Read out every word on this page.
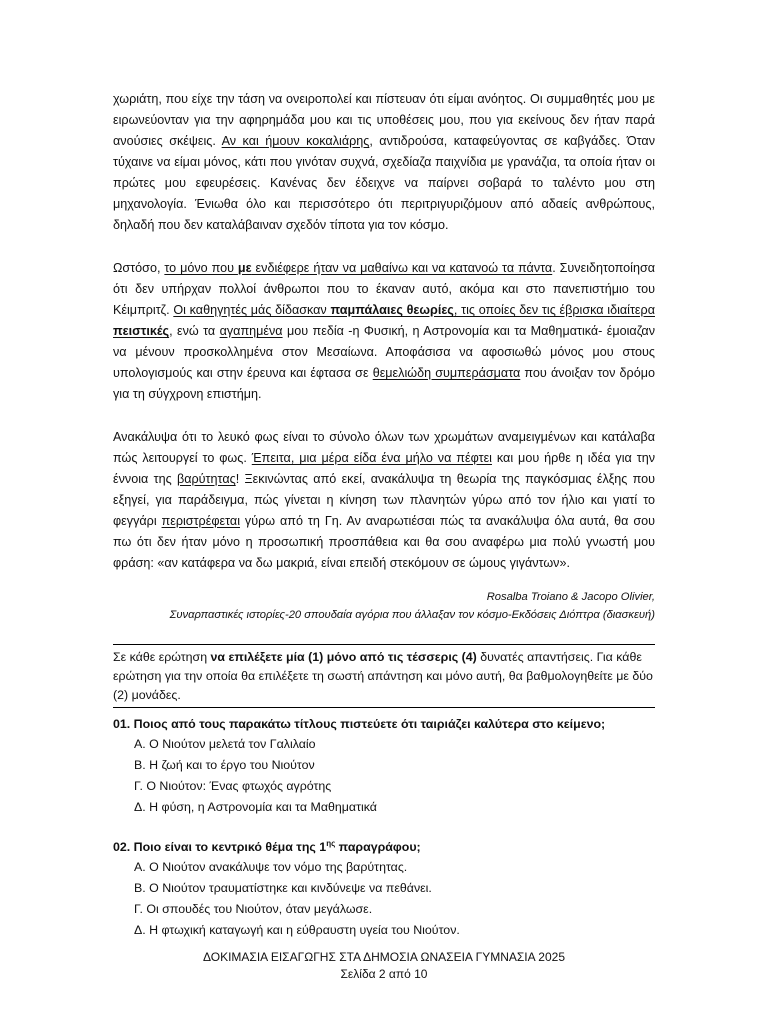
χωριάτη, που είχε την τάση να ονειροπολεί και πίστευαν ότι είμαι ανόητος. Οι συμμαθητές μου με ειρωνεύονταν για την αφηρημάδα μου και τις υποθέσεις μου, που για εκείνους δεν ήταν παρά ανούσιες σκέψεις. Αν και ήμουν κοκαλιάρης, αντιδρούσα, καταφεύγοντας σε καβγάδες. Όταν τύχαινε να είμαι μόνος, κάτι που γινόταν συχνά, σχεδίαζα παιχνίδια με γρανάζια, τα οποία ήταν οι πρώτες μου εφευρέσεις. Κανένας δεν έδειχνε να παίρνει σοβαρά το ταλέντο μου στη μηχανολογία. Ένιωθα όλο και περισσότερο ότι περιτριγυριζόμουν από αδαείς ανθρώπους, δηλαδή που δεν καταλάβαιναν σχεδόν τίποτα για τον κόσμο.

Ωστόσο, το μόνο που με ενδιέφερε ήταν να μαθαίνω και να κατανοώ τα πάντα. Συνειδητοποίησα ότι δεν υπήρχαν πολλοί άνθρωποι που το έκαναν αυτό, ακόμα και στο πανεπιστήμιο του Κέιμπριτζ. Οι καθηγητές μάς δίδασκαν παμπάλαιες θεωρίες, τις οποίες δεν τις έβρισκα ιδιαίτερα πειστικές, ενώ τα αγαπημένα μου πεδία -η Φυσική, η Αστρονομία και τα Μαθηματικά- έμοιαζαν να μένουν προσκολλημένα στον Μεσαίωνα. Αποφάσισα να αφοσιωθώ μόνος μου στους υπολογισμούς και στην έρευνα και έφτασα σε θεμελιώδη συμπεράσματα που άνοιξαν τον δρόμο για τη σύγχρονη επιστήμη.

Ανακάλυψα ότι το λευκό φως είναι το σύνολο όλων των χρωμάτων αναμειγμένων και κατάλαβα πώς λειτουργεί το φως. Έπειτα, μια μέρα είδα ένα μήλο να πέφτει και μου ήρθε η ιδέα για την έννοια της βαρύτητας! Ξεκινώντας από εκεί, ανακάλυψα τη θεωρία της παγκόσμιας έλξης που εξηγεί, για παράδειγμα, πώς γίνεται η κίνηση των πλανητών γύρω από τον ήλιο και γιατί το φεγγάρι περιστρέφεται γύρω από τη Γη. Αν αναρωτιέσαι πώς τα ανακάλυψα όλα αυτά, θα σου πω ότι δεν ήταν μόνο η προσωπική προσπάθεια και θα σου αναφέρω μια πολύ γνωστή μου φράση: «αν κατάφερα να δω μακριά, είναι επειδή στεκόμουν σε ώμους γιγάντων».

Rosalba Troiano & Jacopo Olivier,
Συναρπαστικές ιστορίες-20 σπουδαία αγόρια που άλλαξαν τον κόσμο-Εκδόσεις Διόπτρα (διασκευή)
Σε κάθε ερώτηση να επιλέξετε μία (1) μόνο από τις τέσσερις (4) δυνατές απαντήσεις. Για κάθε ερώτηση για την οποία θα επιλέξετε τη σωστή απάντηση και μόνο αυτή, θα βαθμολογηθείτε με δύο (2) μονάδες.
01. Ποιος από τους παρακάτω τίτλους πιστεύετε ότι ταιριάζει καλύτερα στο κείμενο;
Α. Ο Νιούτον μελετά τον Γαλιλαίο
Β. Η ζωή και το έργο του Νιούτον
Γ. Ο Νιούτον: Ένας φτωχός αγρότης
Δ. Η φύση, η Αστρονομία και τα Μαθηματικά
02. Ποιο είναι το κεντρικό θέμα της $1^{\eta\varsigma}$ παραγράφου;
Α. Ο Νιούτον ανακάλυψε τον νόμο της βαρύτητας.
Β. Ο Νιούτον τραυματίστηκε και κινδύνεψε να πεθάνει.
Γ. Οι σπουδές του Νιούτον, όταν μεγάλωσε.
Δ. Η φτωχική καταγωγή και η εύθραυστη υγεία του Νιούτον.
ΔΟΚΙΜΑΣΙΑ ΕΙΣΑΓΩΓΗΣ ΣΤΑ ΔΗΜΟΣΙΑ ΩΝΑΣΕΙΑ ΓΥΜΝΑΣΙΑ 2025
Σελίδα 2 από 10
